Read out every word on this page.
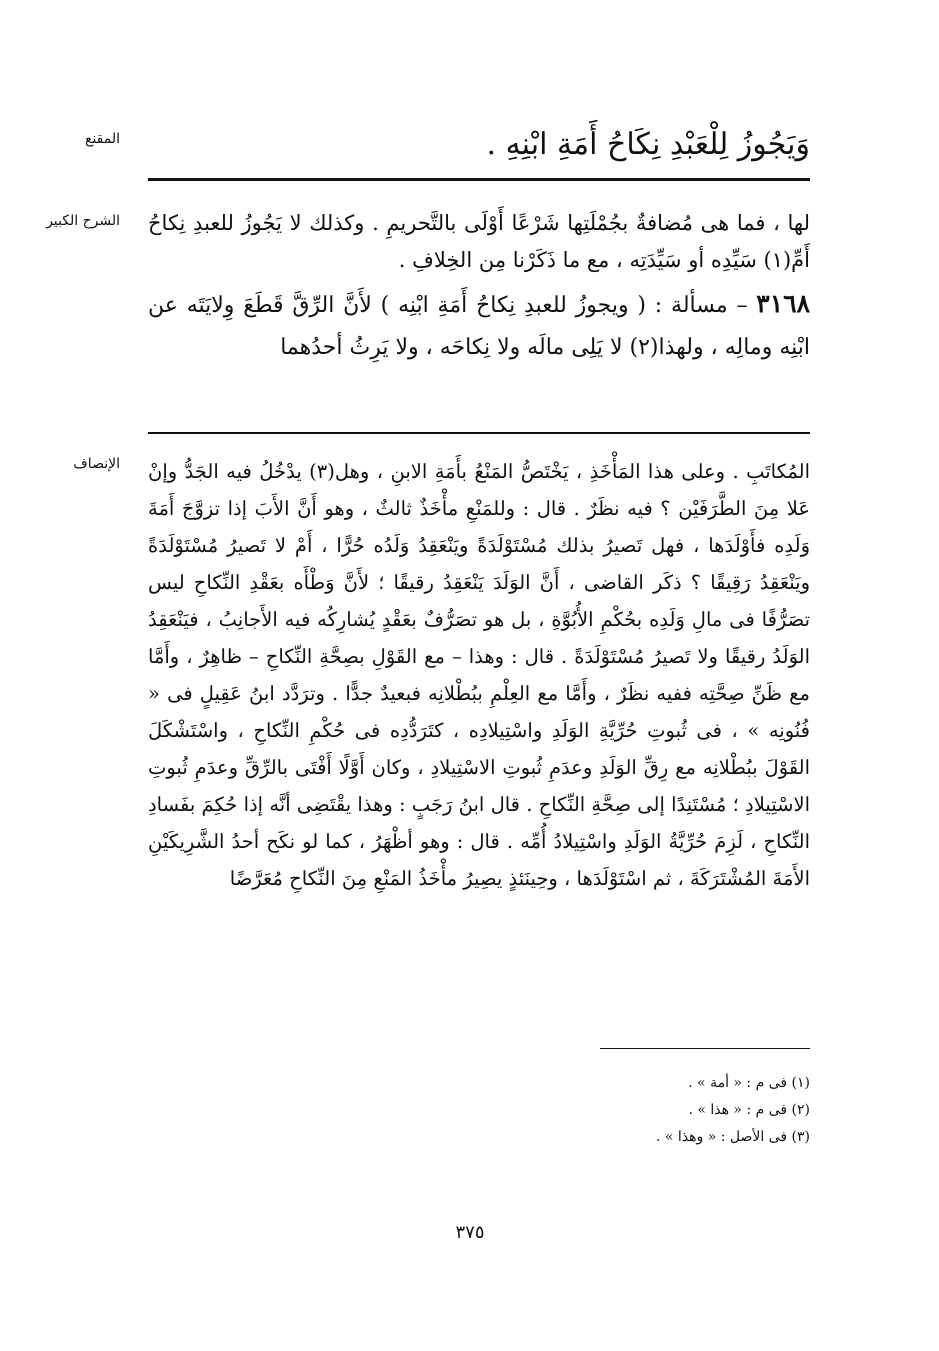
المقنع	وَيَجُوزُ لِلْعَبْدِ نِكَاحُ أَمَةِ ابْنِهِ .

الشرح الكبير لها ، فما هى مُضافةٌ بجُمْلَتِها شَرْعًا أَوْلَى بالتَّحريمِ . وكذلك لا يَجُوزُ للعبدِ نِكاحُ أَمِّ(١) سَيِّدِه أو سَيِّدَتِه ، مع ما ذَكَرْنا مِن الخِلافِ .

٣١٦٨ – مسألة : ( ويجوزُ للعبدِ نِكاحُ أَمَةِ ابْنِه ) لأَنَّ الرِّقَّ قَطَعَ وِلايَتَه عن ابْنِه ومالِه ، ولهذا(٢) لا يَلِى مالَه ولا نِكاحَه ، ولا يَرِثُ أحدُهما

الإنصاف المُكاتَبِ . وعلى هذا المَأْخَذِ ، يَخْتَصُّ المَنْعُ بأَمَةِ الابنِ ، وهل(٣) يدْخُلُ فيه الجَدُّ وإنْ عَلا مِنَ الطَّرَفَيْن ؟ فيه نظَرٌ . قال : وللمَنْعِ مأْخَذٌ ثالثٌ ، وهو أَنَّ الأَبَ إذا تزوَّجَ أَمَةَ وَلَدِه فأَوْلَدَها ، فهل تَصيرُ بذلك مُسْتَوْلَدَةً ويَنْعَقِدُ وَلَدُه حُرًّا ، أَمْ لا تَصيرُ مُسْتَوْلَدَةً ويَنْعَقِدُ رَقِيقًا ؟ ذكَر القاضى ، أَنَّ الوَلَدَ يَنْعَقِدُ رقيقًا ؛ لأَنَّ وَطْأَه بعَقْدِ النِّكاحِ ليس تصَرُّفًا فى مالِ وَلَدِه بحُكْمِ الأُبُوَّةِ ، بل هو تصَرُّفٌ بعَقْدٍ يُشارِكُه فيه الأَجانِبُ ، فيَنْعَقِدُ الوَلَدُ رقيقًا ولا تَصيرُ مُسْتَوْلَدَةً . قال : وهذا – مع القَوْلِ بصِحَّةِ النِّكاحِ – ظاهِرٌ ، وأَمَّا مع ظَنِّ صِحَّتِه ففيه نظَرٌ ، وأَمَّا مع العِلْمِ ببُطْلانِه فبعيدٌ جدًّا . وترَدَّد ابنُ عَقِيلٍ فى « فُنُونِه » ، فى ثُبوتِ حُرِّيَّةِ الوَلَدِ واسْتِيلادِه ، كتَرَدُّدِه فى حُكْمِ النِّكاحِ ، واسْتَشْكَلَ القَوْلَ ببُطْلانِه مع رِقِّ الوَلَدِ وعدَمِ ثُبوتِ الاسْتِيلادِ ، وكان أَوَّلًا أَفْتَى بالرِّقِّ وعدَمِ ثُبوتِ الاسْتِيلادِ ؛ مُسْتَنِدًا إلى صِحَّةِ النِّكاحِ . قال ابنُ رَجَبٍ : وهذا يقْتَضِى أنَّه إذا حُكِمَ بفَسادِ النِّكاحِ ، لَزِمَ حُرِّيَّةُ الوَلَدِ واسْتِيلادُ أُمِّه . قال : وهو أظْهَرُ ، كما لو نكَح أحدُ الشَّرِيكَيْنِ الأَمَةَ المُشْتَرَكَةَ ، ثم اسْتَوْلَدَها ، وحِينَئذٍ يصِيرُ مأْخَذُ المَنْعِ مِنَ النِّكاحِ مُعَرَّضًا

(١) فى م : « أمة » .
(٢) فى م : « هذا » .
(٣) فى الأصل : « وهذا » .
٣٧٥
